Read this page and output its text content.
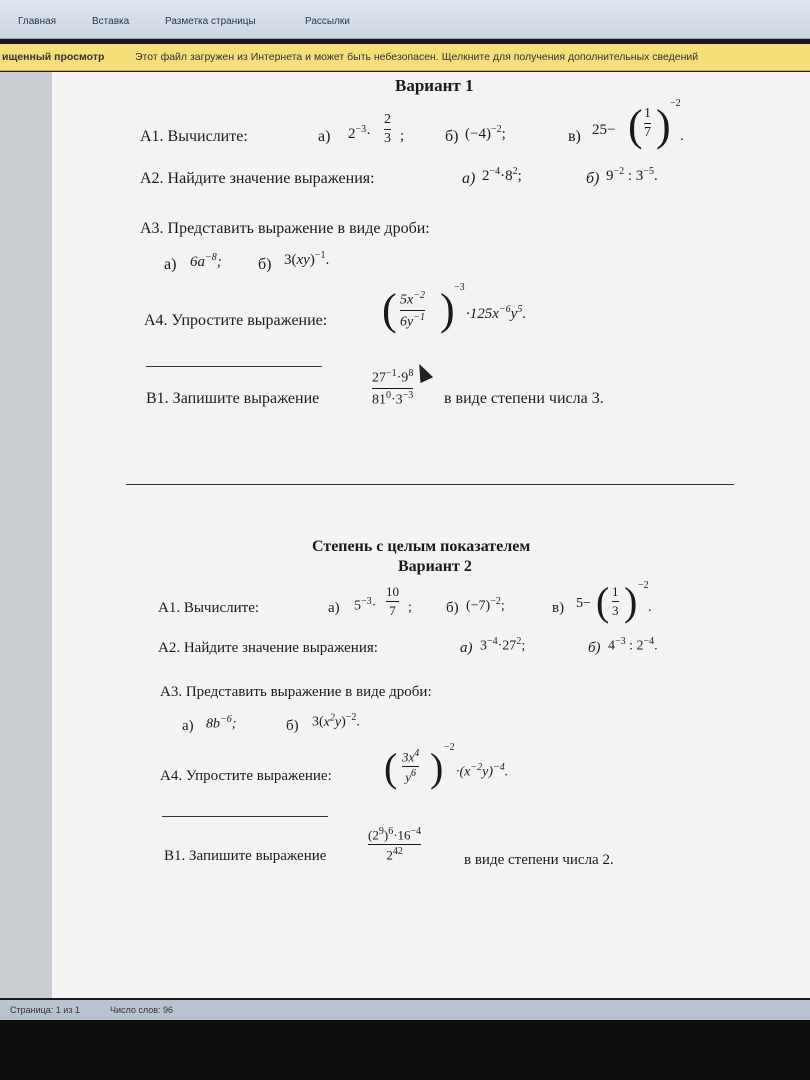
Главная	Вставка	Разметка страницы	Рассылки
ищенный просмотр	Этот файл загружен из Интернета и может быть небезопасен. Щелкните для получения дополнительных сведений
Вариант 1
А1. Вычислите:	а) $2^{-3}\cdot$
2
3 ;	б) $(-4)^{-2}$;	в) 25− ( 1
7 ) −2
.
А2. Найдите значение выражения:	а) $2^{-4}\cdot 8^2$;	б) $9^{-2}$ : $3^{-5}$.
А3. Представить выражение в виде дроби:
а) $6a^{-8}$; б) 3(xy)$^{-1}$.
А4. Упростите выражение: ( $5x^{-2}$
$6y^{-1}$ ) −3
$\cdot 125x^{-6}y^5$.
В1. Запишите выражение
$27^{-1}\cdot 9^8$
$81^0\cdot 3^{-3}$ в виде степени числа 3.
Степень с целым показателем
Вариант 2
А1. Вычислите:	а) $5^{-3}\cdot$
10
7 ; б) $(-7)^{-2}$;	в) 5− ( 1
3 ) −2
.
А2. Найдите значение выражения:	а) $3^{-4}\cdot 27^2$;	б) $4^{-3}$ : $2^{-4}$.
А3. Представить выражение в виде дроби:
а) $8b^{-6}$;	б) $3(x^2y)^{-2}$.
А4. Упростите выражение: ( $3x^4$
$y^6$ ) −2
$\cdot(x^{-2}y)^{-4}$.
В1. Запишите выражение
$(2^9)^6\cdot 16^{-4}$
$2^{42}$
в виде степени числа 2.
Страница: 1 из 1	Число слов: 96
